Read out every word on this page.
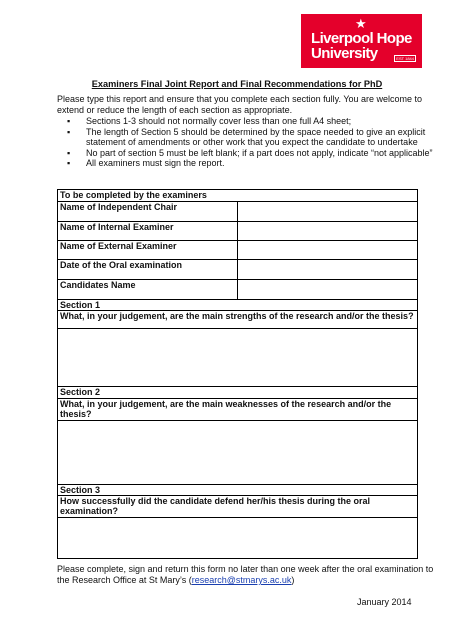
★
Liverpool Hope
University	EST 1844
Examiners Final Joint Report and Final Recommendations for PhD
Please type this report and ensure that you complete each section fully. You are welcome to extend or reduce the length of each section as appropriate.
▪ Sections 1-3 should not normally cover less than one full A4 sheet;
▪ The length of Section 5 should be determined by the space needed to give an explicit statement of amendments or other work that you expect the candidate to undertake
▪ No part of section 5 must be left blank; if a part does not apply, indicate “not applicable”
▪ All examiners must sign the report.
To be completed by the examiners	
Name of Independent Chair	
Name of Internal Examiner	
Name of External Examiner	
Date of the Oral examination	
Candidates Name	
Section 1	
What, in your judgement, are the main strengths of the research and/or the thesis?	

Section 2	
What, in your judgement, are the main weaknesses of the research and/or the thesis?	

Section 3	
How successfully did the candidate defend her/his thesis during the oral examination?	

Please complete, sign and return this form no later than one week after the oral examination to the Research Office at St Mary’s (research@stmarys.ac.uk)
January 2014
